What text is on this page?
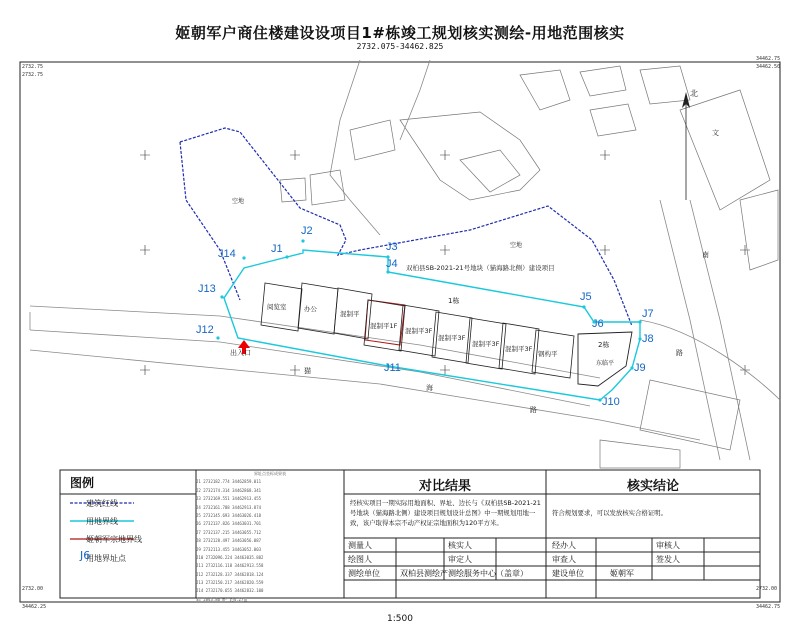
姬朝军户商住楼建设设项目1#栋竣工规划核实测绘-用地范围核实
2732.075-34462.825
2732.75
34462.75
2732.75
2732.00
34462.25
2732.00
34462.75
34462.50
空地
空地
双柏县SB-2021-21号地块（猫海路北侧）建设项目
1栋
2栋
东临平
出入口
猫
海
路
路
南
北
文
J1
J2
J3
J4
J5
J6
J7
J8
J9
J10
J11
J12
J13
J14
阅览室	办公
混制平
混制平1F
混制平3F
混制平3F
混制平3F
混制平3F
钢构平
图例
建筑红线
用地界线
姬朝军宗地界线
用地界址点
J6
界址点坐标成果表
J1 2732182.774 34462859.011
J2 2732174.314 34462868.341
J3 2732169.551 34462913.455
J4 2732161.788 34462913.874
J5 2732145.693 34463026.418
J6 2732137.826 34463031.701
J7 2732137.215 34463055.712
J8 2732128.497 34463056.087
J9 2732113.455 34463052.003
J10 2732096.224 34463035.882
J11 2732116.118 34462913.558
J12 2732128.337 34462818.124
J13 2732150.217 34462820.559
J14 2732170.655 34462832.100
S= 2843.86 m² 约4.27亩
对比结果
经核实项目一期实际用地面积、界址、边长与《双柏县SB-2021-21号地块（猫海路北侧）建设项目规划设计总图》中一期规划用地一致，该户取得本宗不动产权证宗地面积为120平方米。
核实结论
符合规划要求，可以发放核实合格证明。
测量人	核实人	经办人	审核人
绘图人	审定人	审查人	签发人
测绘单位	双柏县测绘产测绘服务中心（盖章）	建设单位	姬朝军
1:500
